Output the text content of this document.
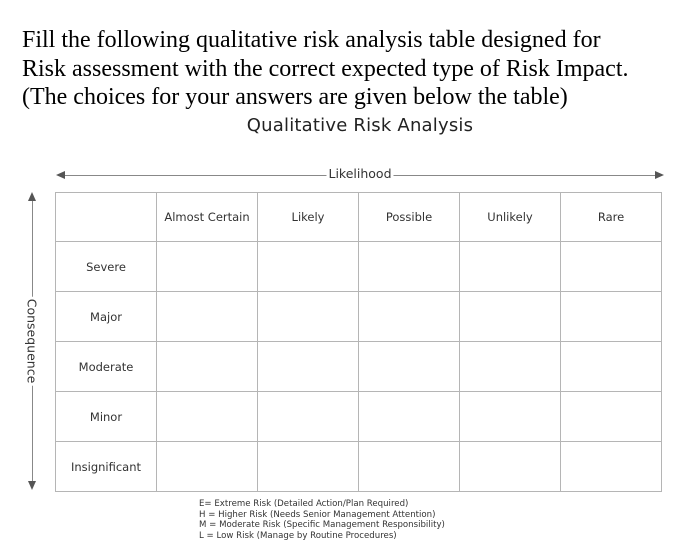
Fill the following qualitative risk analysis table designed for
Risk assessment with the correct expected type of Risk Impact.
(The choices for your answers are given below the table)
Qualitative Risk Analysis
Likelihood
Consequence
	Almost Certain	Likely	Possible	Unlikely	Rare
Severe					
Major					
Moderate					
Minor					
Insignificant					
E= Extreme Risk (Detailed Action/Plan Required)
H = Higher Risk (Needs Senior Management Attention)
M = Moderate Risk (Specific Management Responsibility)
L = Low Risk (Manage by Routine Procedures)
